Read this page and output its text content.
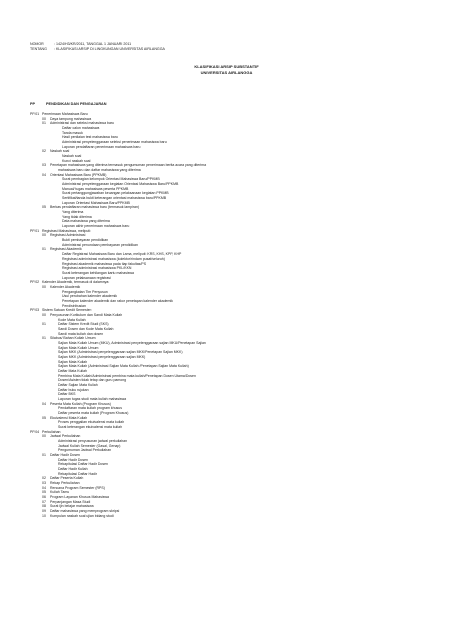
NOMOR	: 1424/H3/KR/2011, TANGGAL 1 JANUARI 2011
TENTANG : KLASIFIKASI ARSIP DI LINGKUNGAN UNIVERSITAS AIRLANGGA
KLASIFIKASI ARSIP SUBSTANTIF
UNIVERSITAS AIRLANGGA
PP	PENDIDIKAN DAN PENGAJARAN
PP.01 Penerimaan Mahasiswa Baru
00 Daya tampung mahasiswa
01 Administrasi dan seleksi mahasiswa baru
Daftar calon mahasiswa
Tanda masuk
Hasil penilaian test mahasiswa baru
Administrasi penyelenggaraan seleksi penerimaan mahasiswa baru
Laporan pendaftaran penerimaan mahasiswa baru
02 Naskah soal
Naskah soal
Kunci naskah soal
03 Penetapan mahasiswa yang diterima termasuk pengumuman penerimaan berita acara yang diterima
mahasiswa baru dan daftar mahasiswa yang diterima
04 Orientasi Mahasiswa Baru (PPKMB)
Surat pembagian kelompok Orientasi Mahasiswa Baru/PPKMB
Administrasi penyelenggaraan kegiatan Orientasi Mahasiswa Baru/PPKMB
Manual/ tugas mahasiswa peserta PPKMB
Surat pertanggungjawaban keuangan pelaksanaan kegiatan PPKMB
Sertifikat/tanda bukti keterangan orientasi mahasiswa baru/PPKMB
Laporan Orientasi Mahasiswa Baru/PPKMB
05 Berkas pendaftaran mahasiswa baru (termasuk lampiran)
Yang diterima
Yang tidak diterima
Data mahasiswa yang diterima
Laporan akhir penerimaan mahasiswa baru
PP.01 Registrasi Mahasiswa, meliputi:
00 Registrasi Administrasi
Bukti pembayaran pendidikan
Administrasi penundaan pembayaran pendidikan
01 Registrasi Akademik
Daftar Registrasi Mahasiswa Baru dan Lama, meliputi: KRS, KHS, KPP, KHP
Registrasi administrasi mahasiswa (kolektor/rindam pusat/seluruh)
Registrasi akademik mahasiswa pada tiap fakultas/PS
Registrasi administrasi mahasiswa PKL/KKN
Surat keterangan kehilangan kartu mahasiswa
Laporan pelaksanaan registrasi
PP.02 Kalender Akademik, termasuk di dalamnya:
00 Kalender Akademik
Pengangkatan Tim Penyusun
Usul perubahan kalender akademik
Penetapan kalender akademik dan rakor penetapan kalender akademik
Pendistribusian
PP.03 Sistem Satuan Kredit Semester:
00 Penyusunan Kurikulum dan Sandi Mata Kuliah
Kode Mata Kuliah
01	Daftar Sistem Kredit Studi (SKS)
Sandi Dosen dan Kode Mata Kuliah
Sandi mata kuliah dan dosen
01 Silabus/ Bahan Kuliah Umum
Sajian Mata Kuliah Umum (MKU), Administrasi penyelenggaraan sajian MKU/Penetapan Sajian
Sajian Mata Kuliah Umum
Sajian MKK (Administrasi penyelenggaraan sajian MKK/Penetapan Sajian MKK)
Sajian MKK (Administrasi penyelenggaraan sajian MKK)
Sajian Mata Kuliah
Sajian Mata Kuliah (Administrasi Sajian Mata Kuliah /Penetapan Sajian Mata Kuliah)
Daftar Mata Kuliah
Pembina Mata Kuliah/Administrasi pembina mata kuliah/Penetapan Dosen Utama/Dosen
Dosen/Asisten tidak tetap dan guru pamong
Daftar Sajian Mata Kuliah
Daftar buku rujukan
Daftar BKS
Laporan tugas studi mata kuliah mahasiswa
04 Peserta Mata Kuliah (Program Khusus)
Pendaftaran mata kuliah program khusus
Daftar peserta mata kuliah (Program Khusus)
05 Ekuivalensi Mata Kuliah
Proses penggalian ekuivalensi mata kuliah
Surat keterangan ekuivalensi mata kuliah
PP.04 Perkuliahan
00 Jadwal Perkuliahan
Administrasi penyusunan jadwal perkuliahan
Jadwal Kuliah Semester (Gasal, Genap)
Pengumuman Jadwal Perkuliahan
01 Daftar Hadir Dosen
Daftar Hadir Dosen
Rekapitulasi Daftar Hadir Dosen
Daftar Hadir Kuliah
Rekapitulasi Daftar Hadir
02 Daftar Peserta Kuliah
03 Rekap Perkuliahan
04 Rencana Program Semester (RPS)
05 Kuliah Tamu
06 Program Layanan Khusus Mahasiswa
07 Perpanjangan Masa Studi
08 Surat ijin belajar mahasiswa
09 Daftar mahasiswa yang memprogram skripsi
10 Kumpulan naskah soal ujian bidang studi
